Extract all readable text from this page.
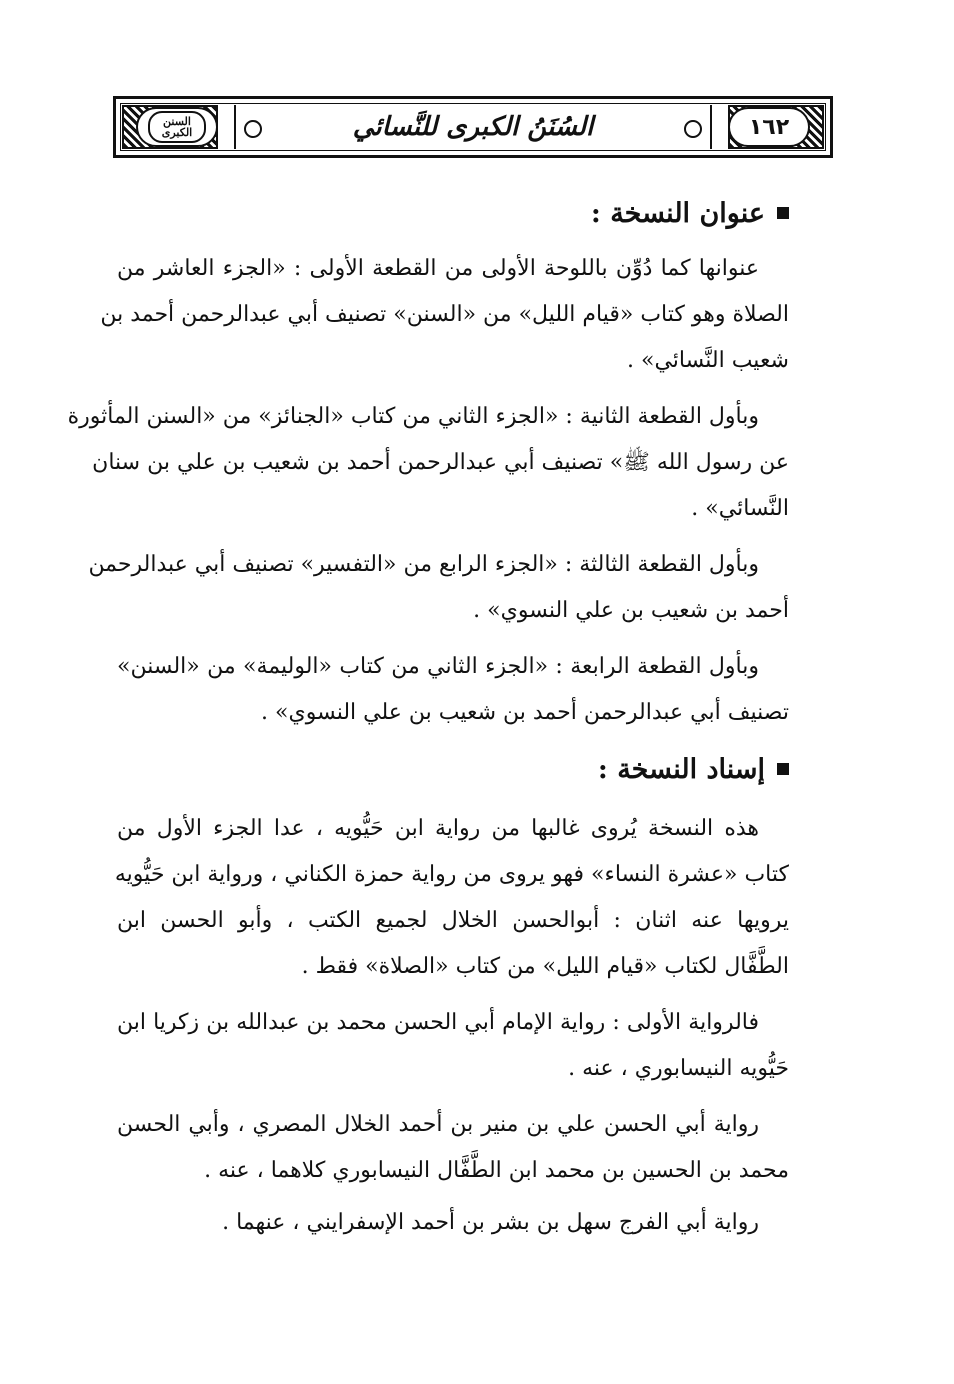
١٦٢
السُنَنُ الكبرى للنَّسائي
السنن الكبرى
عنوان النسخة :

عنوانها كما دُوِّن باللوحة الأولى من القطعة الأولى : «الجزء العاشر من
الصلاة وهو كتاب «قيام الليل» من «السنن» تصنيف أبي عبدالرحمن أحمد بن
شعيب النَّسائي» .

وبأول القطعة الثانية : «الجزء الثاني من كتاب «الجنائز» من «السنن المأثورة
عن رسول الله ﷺ» تصنيف أبي عبدالرحمن أحمد بن شعيب بن علي بن سنان
النَّسائي» .

وبأول القطعة الثالثة : «الجزء الرابع من «التفسير» تصنيف أبي عبدالرحمن
أحمد بن شعيب بن علي النسوي» .

وبأول القطعة الرابعة : «الجزء الثاني من كتاب «الوليمة» من «السنن»
تصنيف أبي عبدالرحمن أحمد بن شعيب بن علي النسوي» .

إسناد النسخة :

هذه النسخة يُروى غالبها من رواية ابن حَيُّويه ، عدا الجزء الأول من
كتاب «عشرة النساء» فهو يروى من رواية حمزة الكناني ، ورواية ابن حَيُّويه
يرويها عنه اثنان : أبوالحسن الخلال لجميع الكتب ، وأبو الحسن ابن
الطَّفَّال لكتاب «قيام الليل» من كتاب «الصلاة» فقط .

فالرواية الأولى : رواية الإمام أبي الحسن محمد بن عبدالله بن زكريا ابن
حَيُّويه النيسابوري ، عنه .

رواية أبي الحسن علي بن منير بن أحمد الخلال المصري ، وأبي الحسن
محمد بن الحسين بن محمد ابن الطَّفَّال النيسابوري كلاهما ، عنه .

رواية أبي الفرج سهل بن بشر بن أحمد الإسفرايني ، عنهما .
